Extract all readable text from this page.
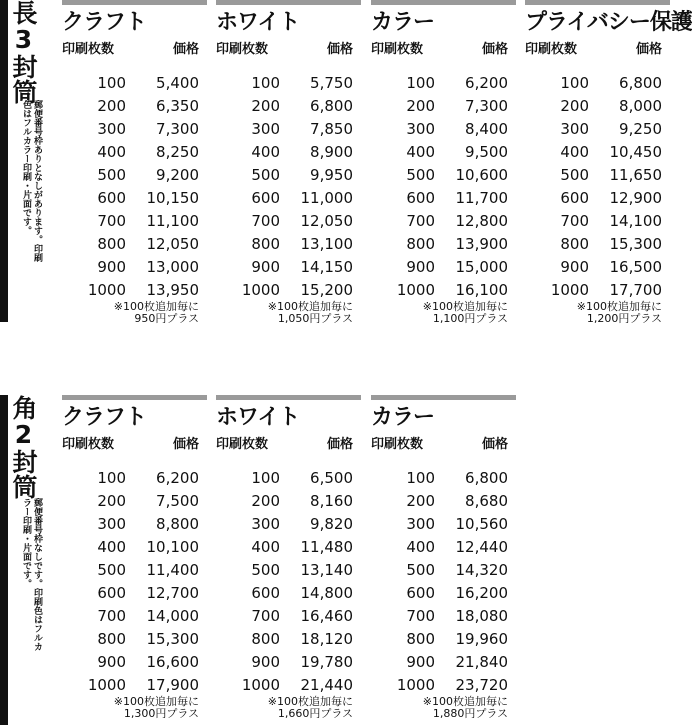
長3封筒
郵便番号枠ありとなしがあります。印刷色はフルカラー印刷・片面です。
クラフト
印刷枚数	価格
100 5,400
200 6,350
300 7,300
400 8,250
500 9,200
600 10,150
700 11,100
800 12,050
900 13,000
1000 13,950
※100枚追加毎に
950円プラス
ホワイト
印刷枚数	価格
100 5,750
200 6,800
300 7,850
400 8,900
500 9,950
600 11,000
700 12,050
800 13,100
900 14,150
1000 15,200
※100枚追加毎に
1,050円プラス
カラー
印刷枚数	価格
100 6,200
200 7,300
300 8,400
400 9,500
500 10,600
600 11,700
700 12,800
800 13,900
900 15,000
1000 16,100
※100枚追加毎に
1,100円プラス
プライバシー保護
印刷枚数	価格
100 6,800
200 8,000
300 9,250
400 10,450
500 11,650
600 12,900
700 14,100
800 15,300
900 16,500
1000 17,700
※100枚追加毎に
1,200円プラス
角2封筒
郵便番号枠なしです。印刷色はフルカラー印刷・片面です。
クラフト
印刷枚数	価格
100 6,200
200 7,500
300 8,800
400 10,100
500 11,400
600 12,700
700 14,000
800 15,300
900 16,600
1000 17,900
※100枚追加毎に
1,300円プラス
ホワイト
印刷枚数	価格
100 6,500
200 8,160
300 9,820
400 11,480
500 13,140
600 14,800
700 16,460
800 18,120
900 19,780
1000 21,440
※100枚追加毎に
1,660円プラス
カラー
印刷枚数	価格
100 6,800
200 8,680
300 10,560
400 12,440
500 14,320
600 16,200
700 18,080
800 19,960
900 21,840
1000 23,720
※100枚追加毎に
1,880円プラス
